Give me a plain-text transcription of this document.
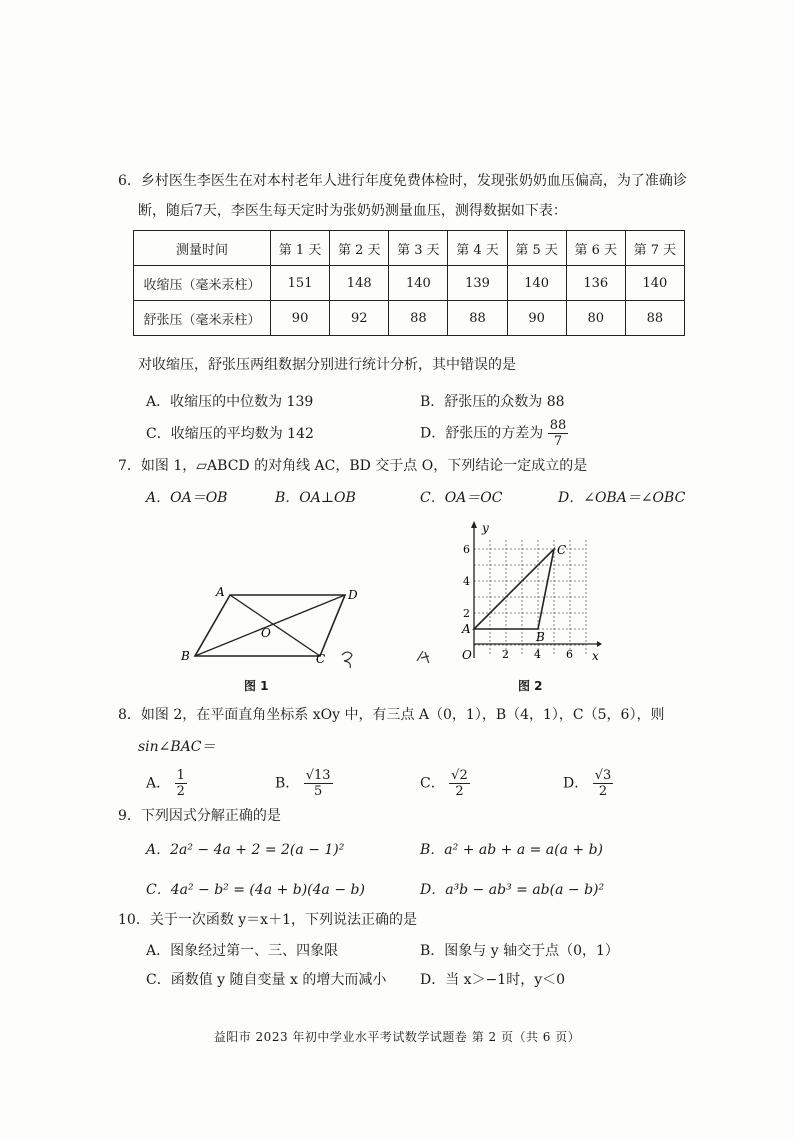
6．乡村医生李医生在对本村老年人进行年度免费体检时，发现张奶奶血压偏高，为了准确诊
断，随后7天，李医生每天定时为张奶奶测量血压，测得数据如下表：
测量时间	第 1 天	第 2 天	第 3 天	第 4 天	第 5 天	第 6 天	第 7 天
收缩压（毫米汞柱）	151	148	140	139	140	136	140
舒张压（毫米汞柱）	90	92	88	88	90	80	88
对收缩压，舒张压两组数据分别进行统计分析，其中错误的是
A．收缩压的中位数为 139	B．舒张压的众数为 88
C．收缩压的平均数为 142	D．舒张压的方差为 $\frac{88}{7}$
7．如图 1，▱ABCD 的对角线 AC，BD 交于点 O，下列结论一定成立的是
A．OA＝OB	B．OA⊥OB	C．OA＝OC	D．∠OBA＝∠OBC
A	D
B	C
O
图 1
y
x
O
2
4
6
2 4 6
A
B
C
图 2
8．如图 2，在平面直角坐标系 xOy 中，有三点 A（0，1），B（4，1），C（5，6），则
sin∠BAC＝
A． $\frac{1}{2}$	B． $\frac{√13}{5}$	C． $\frac{√2}{2}$	D． $\frac{√3}{2}$
9．下列因式分解正确的是
A．2a² − 4a + 2 = 2(a − 1)²	B．a² + ab + a = a(a + b)
C．4a² − b² = (4a + b)(4a − b)	D．a³b − ab³ = ab(a − b)²
10．关于一次函数 y＝x＋1，下列说法正确的是
A．图象经过第一、三、四象限	B．图象与 y 轴交于点（0，1）
C．函数值 y 随自变量 x 的增大而减小 D．当 x＞−1时，y＜0
益阳市 2023 年初中学业水平考试数学试题卷 第 2 页（共 6 页）
